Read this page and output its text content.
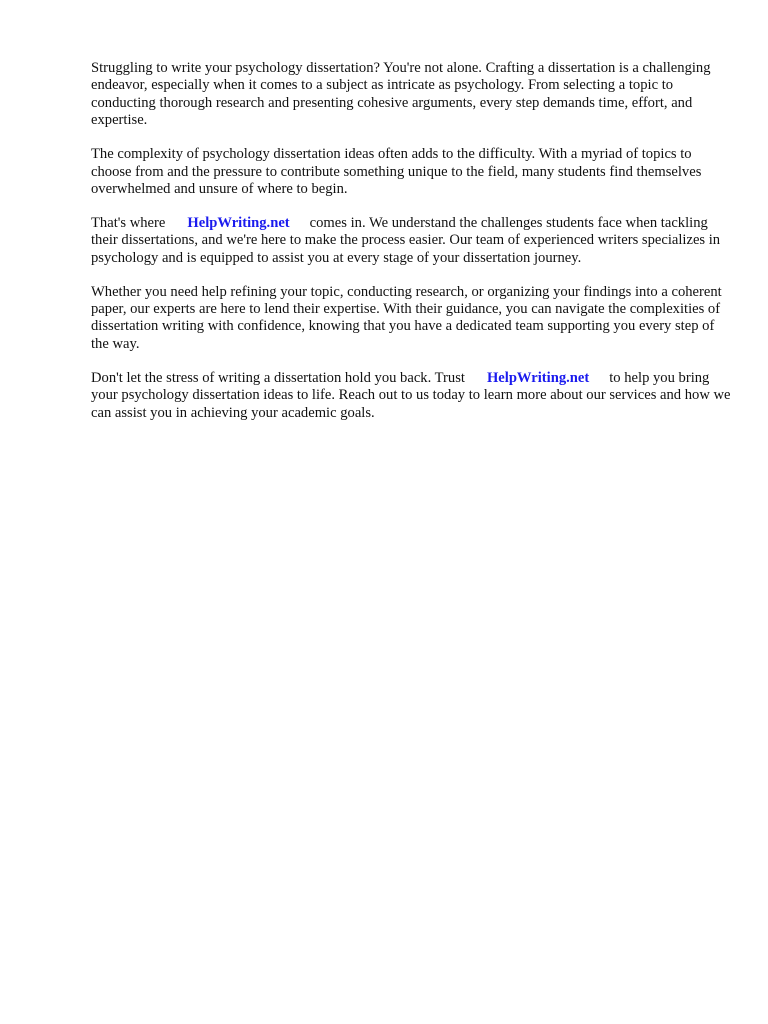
Struggling to write your psychology dissertation? You're not alone. Crafting a dissertation is a challenging endeavor, especially when it comes to a subject as intricate as psychology. From selecting a topic to conducting thorough research and presenting cohesive arguments, every step demands time, effort, and expertise.

The complexity of psychology dissertation ideas often adds to the difficulty. With a myriad of topics to choose from and the pressure to contribute something unique to the field, many students find themselves overwhelmed and unsure of where to begin.

That's where HelpWriting.net comes in. We understand the challenges students face when tackling their dissertations, and we're here to make the process easier. Our team of experienced writers specializes in psychology and is equipped to assist you at every stage of your dissertation journey.

Whether you need help refining your topic, conducting research, or organizing your findings into a coherent paper, our experts are here to lend their expertise. With their guidance, you can navigate the complexities of dissertation writing with confidence, knowing that you have a dedicated team supporting you every step of the way.

Don't let the stress of writing a dissertation hold you back. Trust HelpWriting.net to help you bring your psychology dissertation ideas to life. Reach out to us today to learn more about our services and how we can assist you in achieving your academic goals.
